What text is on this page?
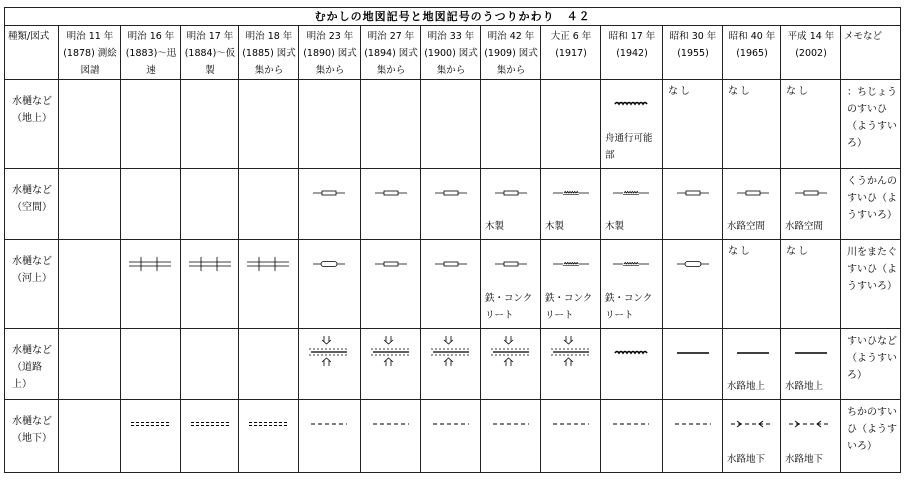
むかしの地図記号と地図記号のうつりかわり　４２														
種類/図式	明治 11 年(1878) 測絵図譜	明治 16 年(1883)～迅速	明治 17 年(1884)～仮製	明治 18 年(1885) 図式集から	明治 23 年(1890) 図式集から	明治 27 年(1894) 図式集から	明治 33 年(1900) 図式集から	明治 42 年(1909) 図式集から	大正 6 年(1917)	昭和 17 年(1942)	昭和 30 年(1955)	昭和 40 年(1965)	平成 14 年(2002)	メモなど
水樋など（地上）										舟通行可能部	なし	なし	なし	：ちじょうのすいひ（ようすいろ）
水樋など（空間）								木製	木製	木製		水路空間	水路空間	くうかんのすいひ（ようすいろ）
水樋など（河上）								鉄・コンクリート	鉄・コンクリート	鉄・コンクリート		なし	なし	川をまたぐすいひ（ようすいろ）
水樋など（道路上）												水路地上	水路地上	すいひなど（ようすいろ）
水樋など（地下）												水路地下	水路地下	ちかのすいひ（ようすいろ）
